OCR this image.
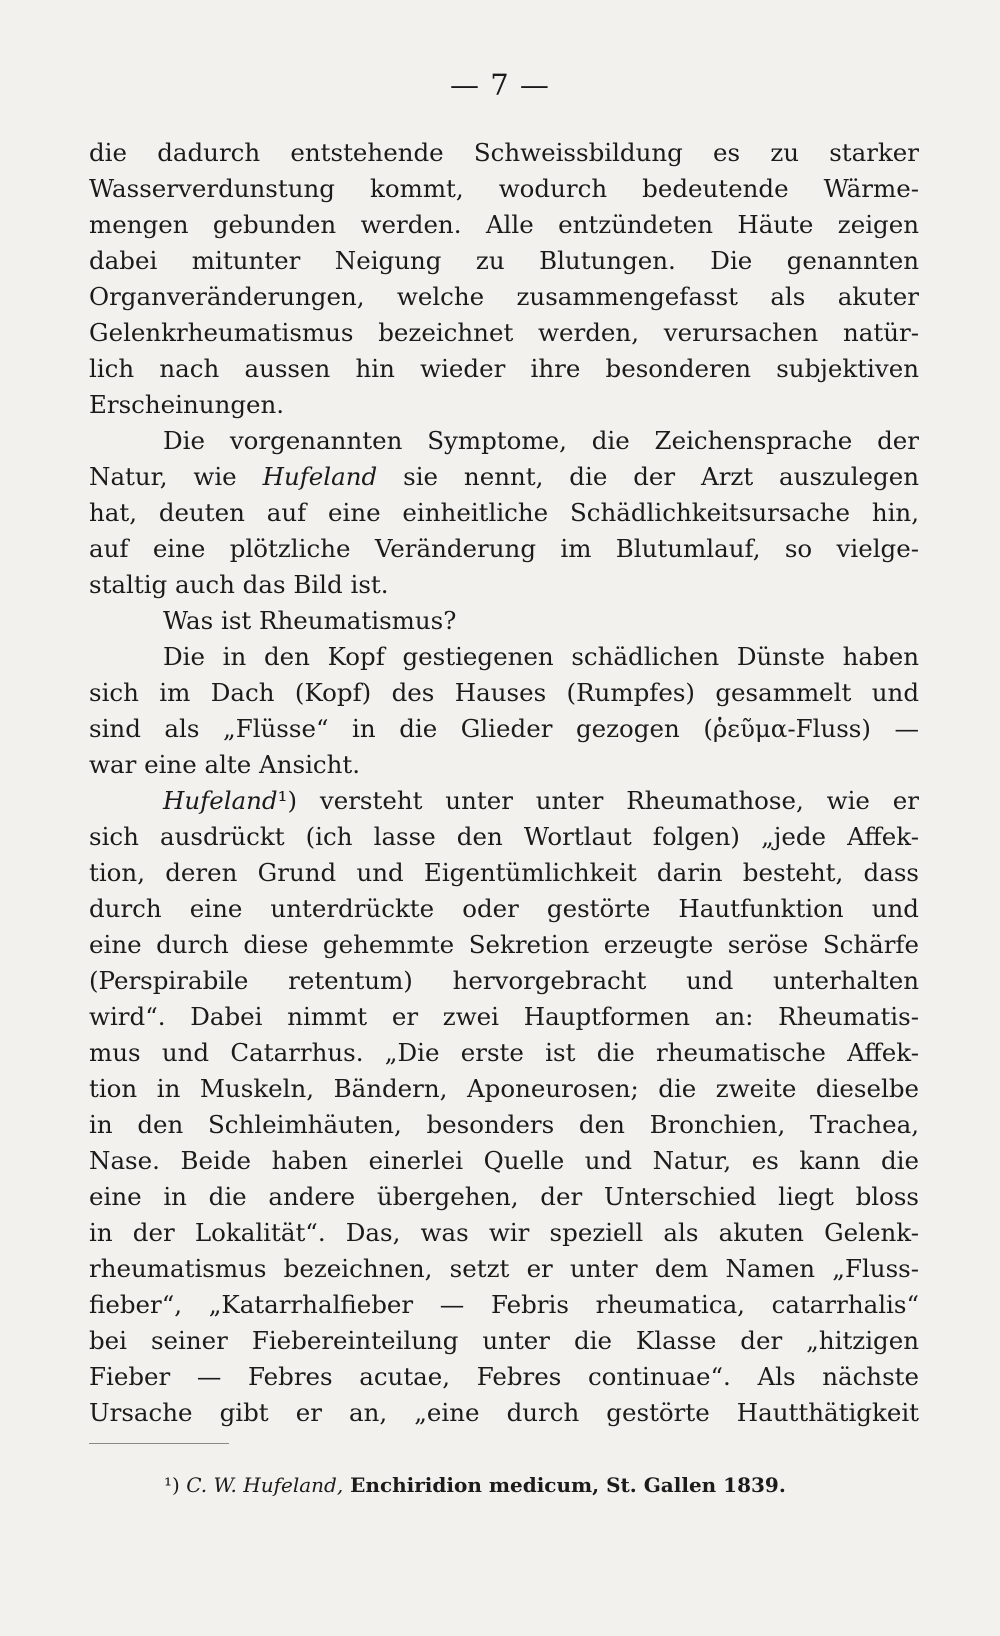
— 7 —
die dadurch entstehende Schweissbildung es zu starker
Wasserverdunstung kommt, wodurch bedeutende Wärme-
mengen gebunden werden. Alle entzündeten Häute zeigen
dabei mitunter Neigung zu Blutungen. Die genannten
Organveränderungen, welche zusammengefasst als akuter
Gelenkrheumatismus bezeichnet werden, verursachen natür-
lich nach aussen hin wieder ihre besonderen subjektiven
Erscheinungen.
Die vorgenannten Symptome, die Zeichensprache der
Natur, wie Hufeland sie nennt, die der Arzt auszulegen
hat, deuten auf eine einheitliche Schädlichkeitsursache hin,
auf eine plötzliche Veränderung im Blutumlauf, so vielge-
staltig auch das Bild ist.
Was ist Rheumatismus?
Die in den Kopf gestiegenen schädlichen Dünste haben
sich im Dach (Kopf) des Hauses (Rumpfes) gesammelt und
sind als „Flüsse“ in die Glieder gezogen (ῥεῦμα-Fluss) —
war eine alte Ansicht.
Hufeland¹) versteht unter unter Rheumathose, wie er
sich ausdrückt (ich lasse den Wortlaut folgen) „jede Affek-
tion, deren Grund und Eigentümlichkeit darin besteht, dass
durch eine unterdrückte oder gestörte Hautfunktion und
eine durch diese gehemmte Sekretion erzeugte seröse Schärfe
(Perspirabile retentum) hervorgebracht und unterhalten
wird“. Dabei nimmt er zwei Hauptformen an: Rheumatis-
mus und Catarrhus. „Die erste ist die rheumatische Affek-
tion in Muskeln, Bändern, Aponeurosen; die zweite dieselbe
in den Schleimhäuten, besonders den Bronchien, Trachea,
Nase. Beide haben einerlei Quelle und Natur, es kann die
eine in die andere übergehen, der Unterschied liegt bloss
in der Lokalität“. Das, was wir speziell als akuten Gelenk-
rheumatismus bezeichnen, setzt er unter dem Namen „Fluss-
fieber“, „Katarrhalfieber — Febris rheumatica, catarrhalis“
bei seiner Fiebereinteilung unter die Klasse der „hitzigen
Fieber — Febres acutae, Febres continuae“. Als nächste
Ursache gibt er an, „eine durch gestörte Hautthätigkeit
¹) C. W. Hufeland, Enchiridion medicum, St. Gallen 1839.
